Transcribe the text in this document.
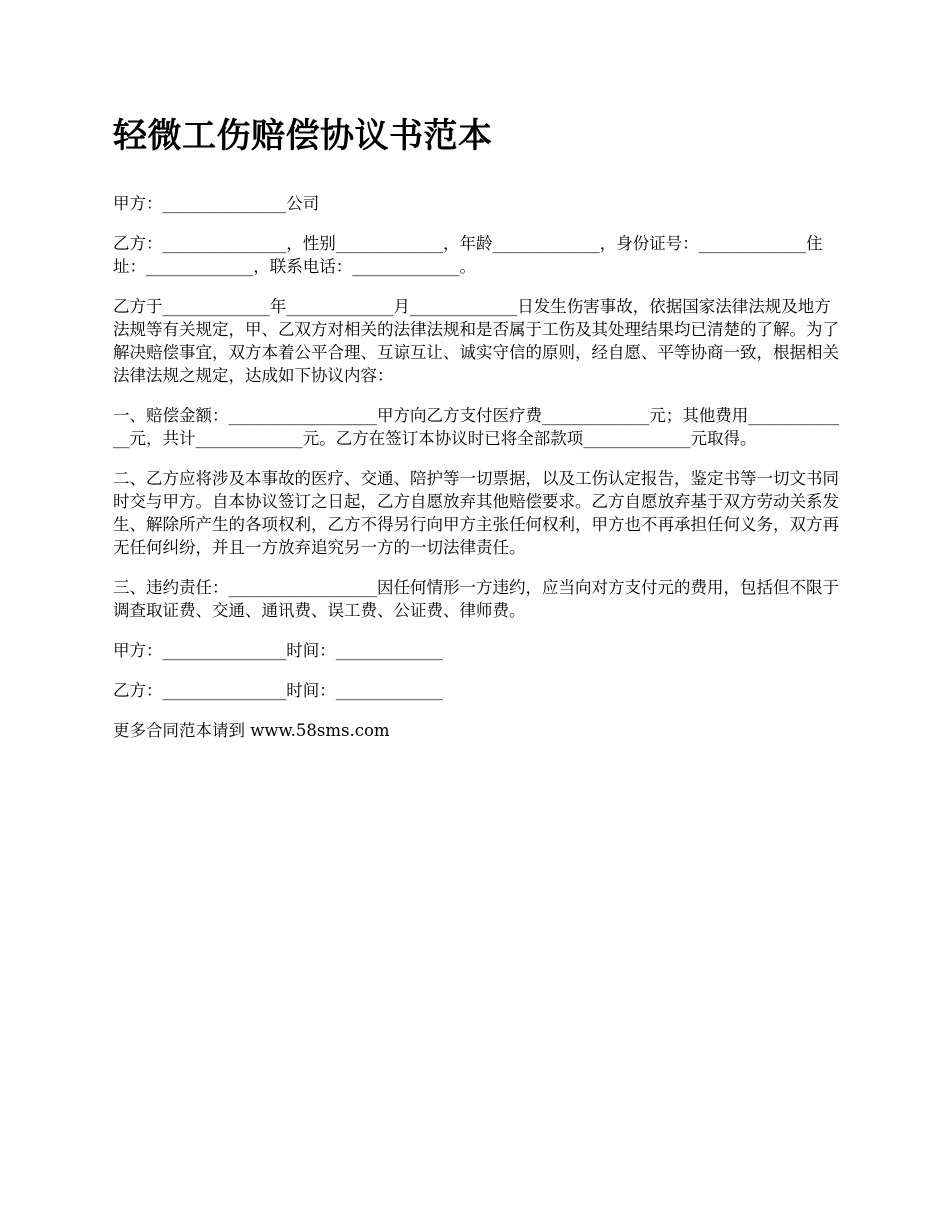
轻微工伤赔偿协议书范本

甲方：_______________公司

乙方：_______________，性别_____________，年龄_____________，身份证号：_____________住址：_____________，联系电话：_____________。

乙方于_____________年_____________月_____________日发生伤害事故，依据国家法律法规及地方法规等有关规定，甲、乙双方对相关的法律法规和是否属于工伤及其处理结果均已清楚的了解。为了解决赔偿事宜，双方本着公平合理、互谅互让、诚实守信的原则，经自愿、平等协商一致，根据相关法律法规之规定，达成如下协议内容：

一、赔偿金额：__________________甲方向乙方支付医疗费_____________元；其他费用_____________元，共计_____________元。乙方在签订本协议时已将全部款项_____________元取得。

二、乙方应将涉及本事故的医疗、交通、陪护等一切票据，以及工伤认定报告，鉴定书等一切文书同时交与甲方。自本协议签订之日起，乙方自愿放弃其他赔偿要求。乙方自愿放弃基于双方劳动关系发生、解除所产生的各项权利，乙方不得另行向甲方主张任何权利，甲方也不再承担任何义务，双方再无任何纠纷，并且一方放弃追究另一方的一切法律责任。

三、违约责任：__________________因任何情形一方违约，应当向对方支付元的费用，包括但不限于调查取证费、交通、通讯费、误工费、公证费、律师费。

甲方：_______________时间：_____________

乙方：_______________时间：_____________

更多合同范本请到 www.58sms.com
